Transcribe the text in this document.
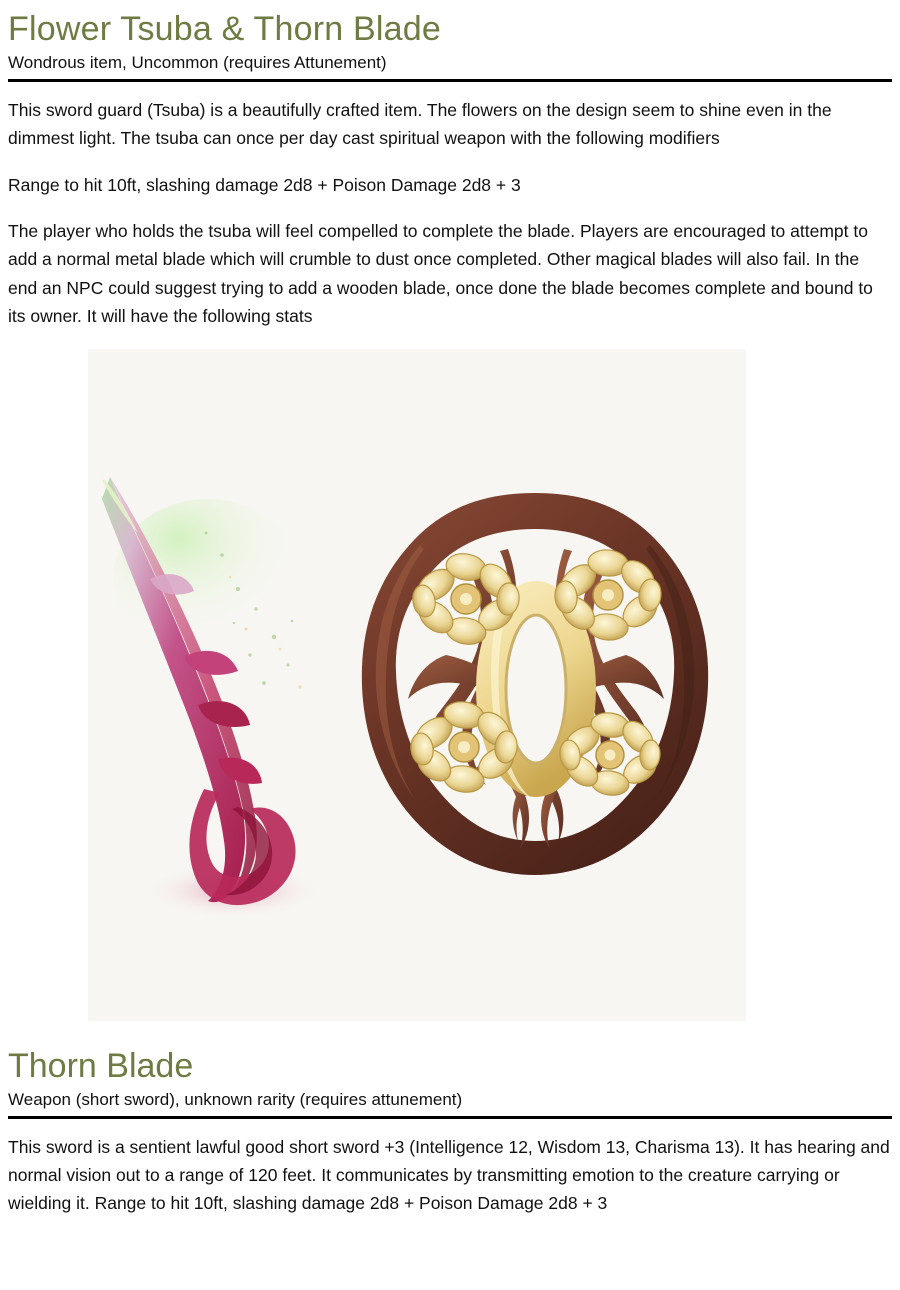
Flower Tsuba & Thorn Blade
Wondrous item, Uncommon (requires Attunement)

This sword guard (Tsuba) is a beautifully crafted item. The flowers on the design seem to shine even in the dimmest light. The tsuba can once per day cast spiritual weapon with the following modifiers

Range to hit 10ft, slashing damage 2d8 + Poison Damage 2d8 + 3

The player who holds the tsuba will feel compelled to complete the blade. Players are encouraged to attempt to add a normal metal blade which will crumble to dust once completed. Other magical blades will also fail. In the end an NPC could suggest trying to add a wooden blade, once done the blade becomes complete and bound to its owner. It will have the following stats

Thorn Blade
Weapon (short sword), unknown rarity (requires attunement)

This sword is a sentient lawful good short sword +3 (Intelligence 12, Wisdom 13, Charisma 13). It has hearing and normal vision out to a range of 120 feet. It communicates by transmitting emotion to the creature carrying or wielding it. Range to hit 10ft, slashing damage 2d8 + Poison Damage 2d8 + 3
